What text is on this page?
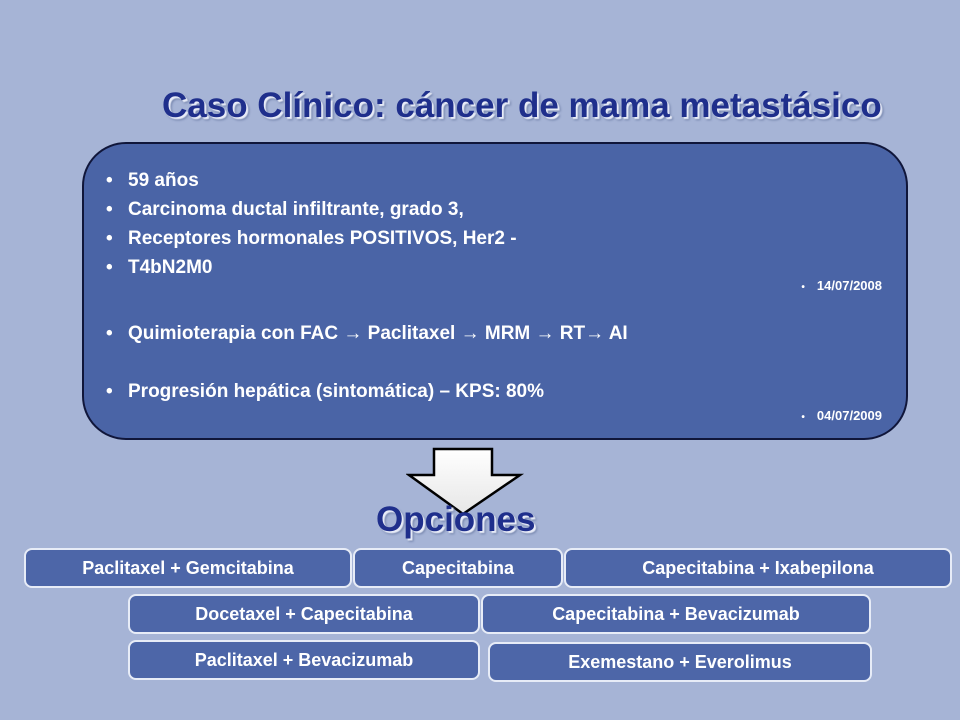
Caso Clínico: cáncer de mama metastásico
• 59 años
• Carcinoma ductal infiltrante, grado 3,
• Receptores hormonales POSITIVOS, Her2 -
• T4bN2M0
• 14/07/2008
• Quimioterapia con FAC → Paclitaxel → MRM → RT→ AI
• Progresión hepática (sintomática) – KPS: 80%
• 04/07/2009
Opciones
Paclitaxel + Gemcitabina	Capecitabina	Capecitabina + Ixabepilona
Docetaxel + Capecitabina	Capecitabina + Bevacizumab
Paclitaxel + Bevacizumab	Exemestano + Everolimus
